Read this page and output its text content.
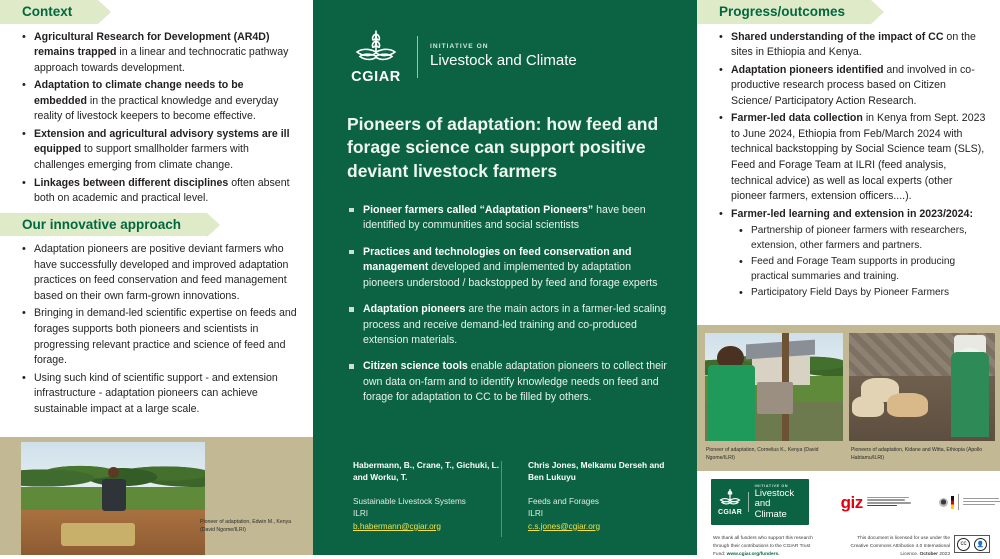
Context
• Agricultural Research for Development (AR4D) remains trapped in a linear and technocratic pathway approach towards development.
• Adaptation to climate change needs to be embedded in the practical knowledge and everyday reality of livestock keepers to become effective.
• Extension and agricultural advisory systems are ill equipped to support smallholder farmers with challenges emerging from climate change.
• Linkages between different disciplines often absent both on academic and practical level.
Our innovative approach
• Adaptation pioneers are positive deviant farmers who have successfully developed and improved adaptation practices on feed conservation and feed management based on their own farm-grown innovations.
• Bringing in demand-led scientific expertise on feeds and forages supports both pioneers and scientists in progressing relevant practice and science of feed and forage.
• Using such kind of scientific support - and extension infrastructure - adaptation pioneers can achieve sustainable impact at a large scale.
Pioneer of adaptation, Edwin M., Kenya (David Ngome/ILRI)
CGIAR
INITIATIVE ON
Livestock and Climate
Pioneers of adaptation: how feed and forage science can support positive deviant livestock farmers
Pioneer farmers called “Adaptation Pioneers” have been identified by communities and social scientists
Practices and technologies on feed conservation and management developed and implemented by adaptation pioneers understood / backstopped by feed and forage experts
Adaptation pioneers are the main actors in a farmer-led scaling process and receive demand-led training and co-produced extension materials.
Citizen science tools enable adaptation pioneers to collect their own data on-farm and to identify knowledge needs on feed and forage for adaptation to CC to be filled by others.
Habermann, B., Crane, T., Gichuki, L. and Worku, T.
Sustainable Livestock Systems
ILRI
b.habermann@cgiar.org
Chris Jones, Melkamu Derseh and Ben Lukuyu
Feeds and Forages
ILRI
c.s.jones@cgiar.org
Progress/outcomes
• Shared understanding of the impact of CC on the sites in Ethiopia and Kenya.
• Adaptation pioneers identified and involved in co-productive research process based on Citizen Science/ Participatory Action Research.
• Farmer-led data collection in Kenya from Sept. 2023 to June 2024, Ethiopia from Feb/March 2024 with technical backstopping by Social Science team (SLS), Feed and Forage Team at ILRI (feed analysis, technical advice) as well as local experts (other pioneer farmers, extension officers....).
• Farmer-led learning and extension in 2023/2024:
• Partnership of pioneer farmers with researchers, extension, other farmers and partners.
• Feed and Forage Team supports in producing practical summaries and training.
• Participatory Field Days by Pioneer Farmers
Pioneer of adaptation, Cornelius K., Kenya (David Ngome/ILRI)
Pioneers of adaptation, Kidane and Witta, Ethiopia (Apollo Habtamu/ILRI)
CGIAR
INITIATIVE ON
Livestock and Climate
giz
We thank all funders who support this research through their contributions to the CGIAR Trust Fund: www.cgiar.org/funders.
This document is licensed for use under the Creative Commons Attribution 4.0 International Licence. October 2023
cc	👤
